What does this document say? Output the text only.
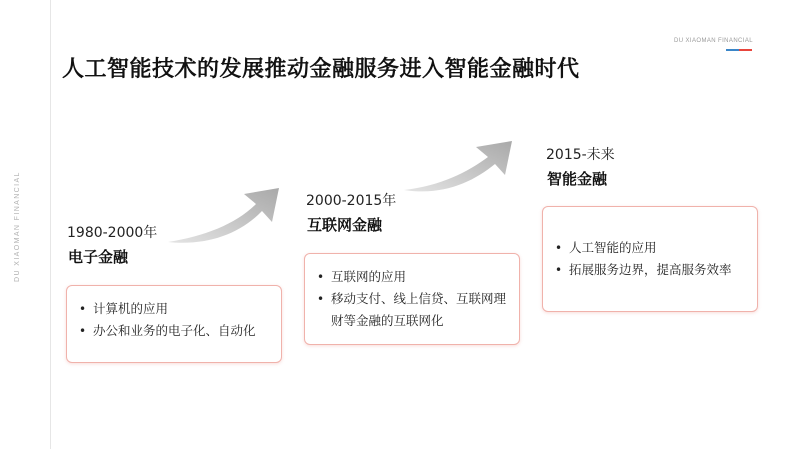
DU XIAOMAN FINANCIAL
DU XIAOMAN FINANCIAL
人工智能技术的发展推动金融服务进入智能金融时代
1980-2000年
电子金融
• 计算机的应用
• 办公和业务的电子化、自动化
2000-2015年
互联网金融
• 互联网的应用
• 移动支付、线上信贷、互联网理财等金融的互联网化
2015-未来
智能金融
• 人工智能的应用
• 拓展服务边界，提高服务效率
